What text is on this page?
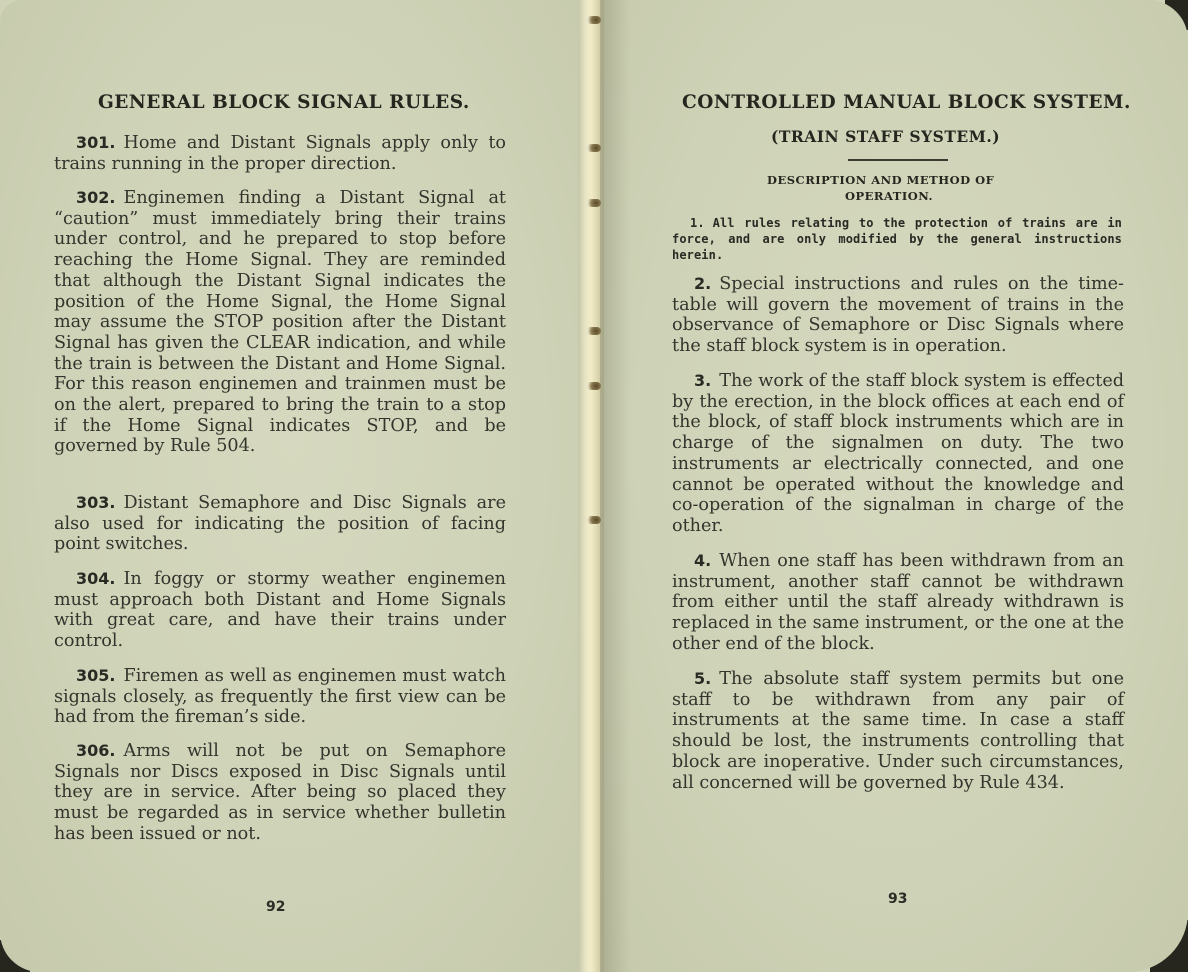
GENERAL BLOCK SIGNAL RULES.

301. Home and Distant Signals apply only to trains running in the proper direction.

302. Enginemen finding a Distant Signal at “caution” must immediately bring their trains under control, and he prepared to stop before reaching the Home Signal. They are reminded that although the Distant Signal indicates the position of the Home Signal, the Home Signal may assume the STOP position after the Distant Signal has given the CLEAR indication, and while the train is between the Distant and Home Signal. For this reason enginemen and trainmen must be on the alert, prepared to bring the train to a stop if the Home Signal indicates STOP, and be governed by Rule 504.

303. Distant Semaphore and Disc Signals are also used for indicating the position of facing point switches.

304. In foggy or stormy weather enginemen must approach both Distant and Home Signals with great care, and have their trains under control.

305. Firemen as well as enginemen must watch signals closely, as frequently the first view can be had from the fireman’s side.

306. Arms will not be put on Semaphore Signals nor Discs exposed in Disc Signals until they are in service. After being so placed they must be regarded as in service whether bulletin has been issued or not.

92
CONTROLLED MANUAL BLOCK SYSTEM.
(TRAIN STAFF SYSTEM.)
DESCRIPTION AND METHOD OF
OPERATION.

1. All rules relating to the protection of trains are in force, and are only modified by the general instructions herein.

2. Special instructions and rules on the time-table will govern the movement of trains in the observance of Semaphore or Disc Signals where the staff block system is in operation.

3. The work of the staff block system is effected by the erection, in the block offices at each end of the block, of staff block instruments which are in charge of the signalmen on duty. The two instruments ar electrically connected, and one cannot be operated without the knowledge and co-operation of the signalman in charge of the other.

4. When one staff has been withdrawn from an instrument, another staff cannot be withdrawn from either until the staff already withdrawn is replaced in the same instrument, or the one at the other end of the block.

5. The absolute staff system permits but one staff to be withdrawn from any pair of instruments at the same time. In case a staff should be lost, the instruments controlling that block are inoperative. Under such circumstances, all concerned will be governed by Rule 434.

93
